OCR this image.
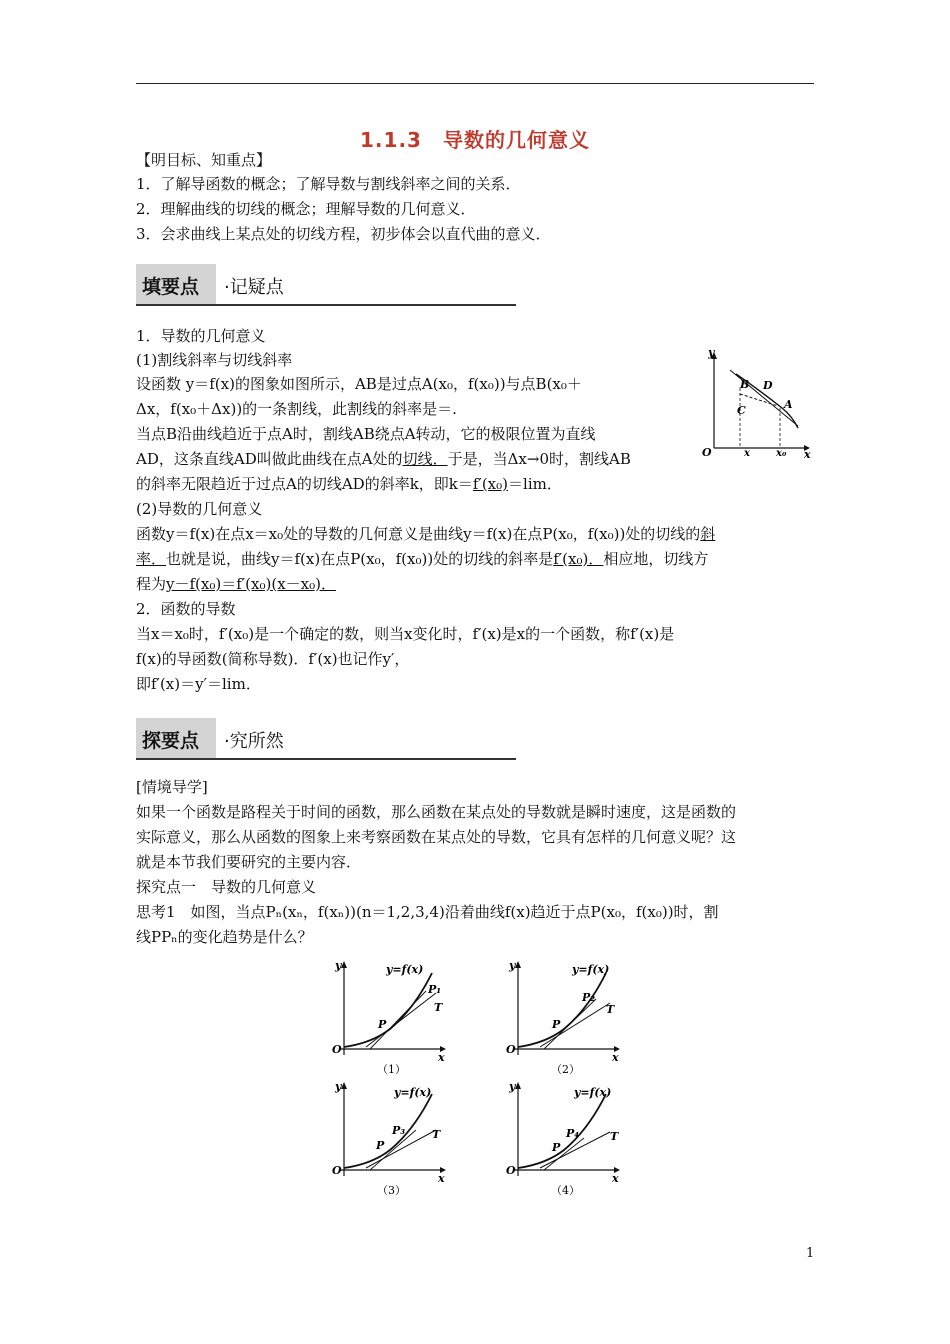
1.1.3　导数的几何意义
【明目标、知重点】
1．了解导函数的概念；了解导数与割线斜率之间的关系．
2．理解曲线的切线的概念；理解导数的几何意义．
3．会求曲线上某点处的切线方程，初步体会以直代曲的意义．
填要点 ·记疑点
1．导数的几何意义
(1)割线斜率与切线斜率
设函数 y＝f(x)的图象如图所示，AB是过点A(x₀，f(x₀))与点B(x₀＋
Δx，f(x₀＋Δx))的一条割线，此割线的斜率是＝.
当点B沿曲线趋近于点A时，割线AB绕点A转动，它的极限位置为直线
AD，这条直线AD叫做此曲线在点A处的切线．于是，当Δx→0时，割线AB
的斜率无限趋近于过点A的切线AD的斜率k，即k＝f′(x₀)＝lim．
y
x
O
B D
C	A
x	x₀
(2)导数的几何意义
函数y＝f(x)在点x＝x₀处的导数的几何意义是曲线y＝f(x)在点P(x₀，f(x₀))处的切线的斜
率．也就是说，曲线y＝f(x)在点P(x₀，f(x₀))处的切线的斜率是f′(x₀)．相应地，切线方
程为y－f(x₀)＝f′(x₀)(x－x₀)．
2．函数的导数
当x＝x₀时，f′(x₀)是一个确定的数，则当x变化时，f′(x)是x的一个函数，称f′(x)是
f(x)的导函数(简称导数)．f′(x)也记作y′，
即f′(x)＝y′＝lim．
探要点 ·究所然
[情境导学]
如果一个函数是路程关于时间的函数，那么函数在某点处的导数就是瞬时速度，这是函数的
实际意义，那么从函数的图象上来考察函数在某点处的导数，它具有怎样的几何意义呢？这
就是本节我们要研究的主要内容．
探究点一　导数的几何意义
思考1　如图，当点Pₙ(xₙ，f(xₙ))(n＝1,2,3,4)沿着曲线f(x)趋近于点P(x₀，f(x₀))时，割
线PPₙ的变化趋势是什么？
y
x
O
y=f(x)
P
P₁
T
（1）
y
x
O
y=f(x)
P
P₂
T
（2）
y
x
O
y=f(x)
P
P₃ T
（3）
y
x
O
y=f(x)
P
P₄	T
（4）
1
